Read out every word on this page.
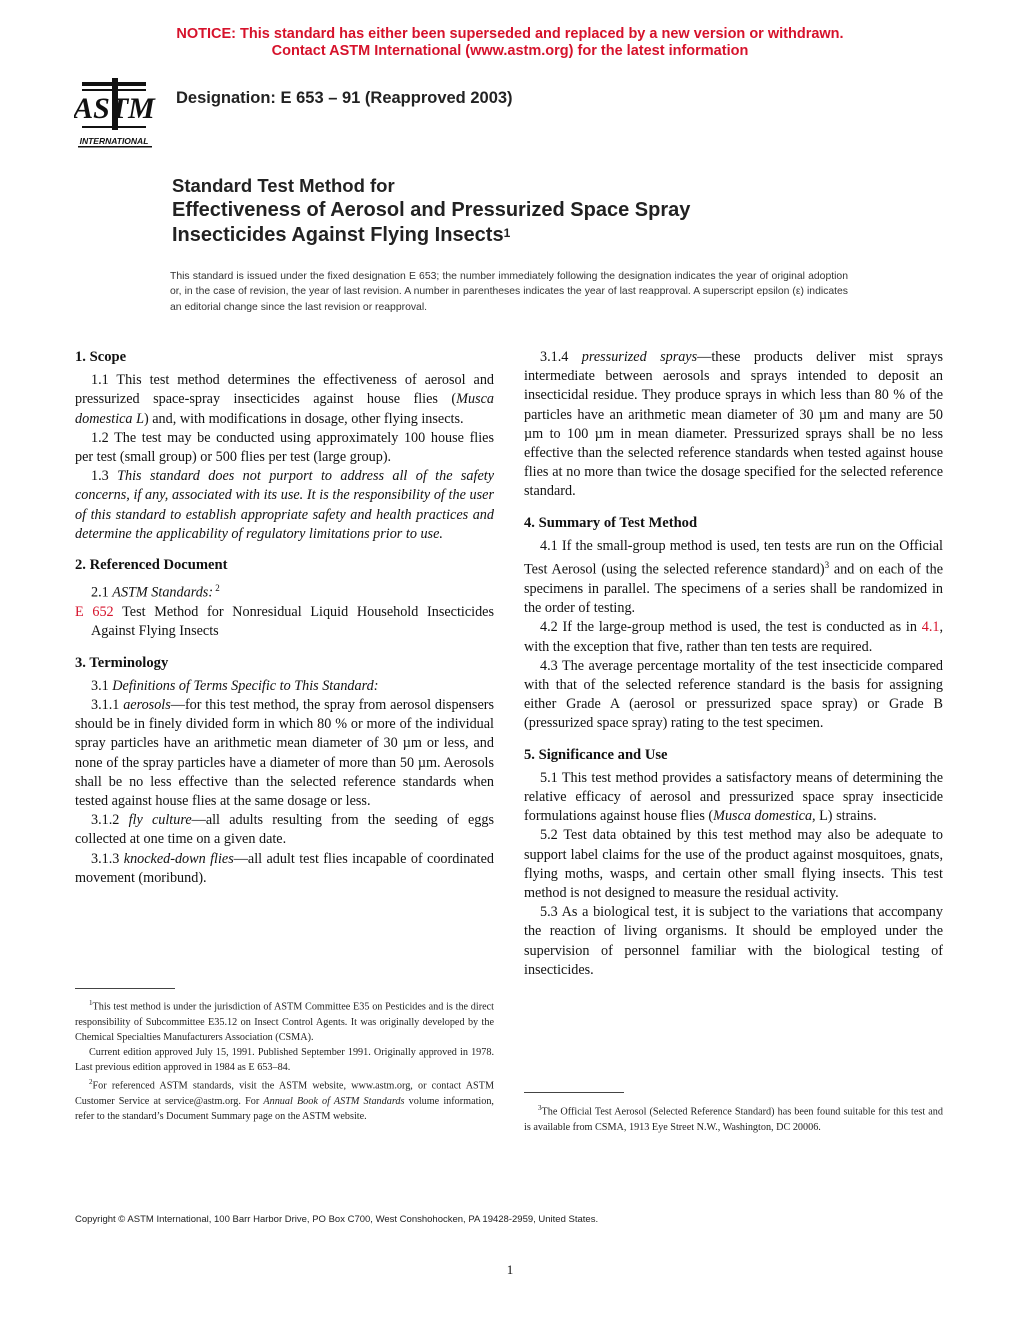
NOTICE: This standard has either been superseded and replaced by a new version or withdrawn.
Contact ASTM International (www.astm.org) for the latest information
ASTM
INTERNATIONAL
Designation: E 653 – 91 (Reapproved 2003)
Standard Test Method for
Effectiveness of Aerosol and Pressurized Space Spray
Insecticides Against Flying Insects$^1$
This standard is issued under the fixed designation E 653; the number immediately following the designation indicates the year of original adoption or, in the case of revision, the year of last revision. A number in parentheses indicates the year of last reapproval. A superscript epsilon (ε) indicates an editorial change since the last revision or reapproval.
1. Scope

1.1 This test method determines the effectiveness of aerosol and pressurized space-spray insecticides against house flies (Musca domestica L) and, with modifications in dosage, other flying insects.

1.2 The test may be conducted using approximately 100 house flies per test (small group) or 500 flies per test (large group).

1.3 This standard does not purport to address all of the safety concerns, if any, associated with its use. It is the responsibility of the user of this standard to establish appropriate safety and health practices and determine the applicability of regulatory limitations prior to use.

2. Referenced Document

2.1 ASTM Standards: $^2$

E 652 Test Method for Nonresidual Liquid Household Insecticides Against Flying Insects

3. Terminology

3.1 Definitions of Terms Specific to This Standard:

3.1.1 aerosols—for this test method, the spray from aerosol dispensers should be in finely divided form in which 80 % or more of the individual spray particles have an arithmetic mean diameter of 30 µm or less, and none of the spray particles have a diameter of more than 50 µm. Aerosols shall be no less effective than the selected reference standards when tested against house flies at the same dosage or less.

3.1.2 fly culture—all adults resulting from the seeding of eggs collected at one time on a given date.

3.1.3 knocked-down flies—all adult test flies incapable of coordinated movement (moribund).

3.1.4 pressurized sprays—these products deliver mist sprays intermediate between aerosols and sprays intended to deposit an insecticidal residue. They produce sprays in which less than 80 % of the particles have an arithmetic mean diameter of 30 µm and many are 50 µm to 100 µm in mean diameter. Pressurized sprays shall be no less effective than the selected reference standards when tested against house flies at no more than twice the dosage specified for the selected reference standard.

4. Summary of Test Method

4.1 If the small-group method is used, ten tests are run on the Official Test Aerosol (using the selected reference standard)$^3$ and on each of the specimens in parallel. The specimens of a series shall be randomized in the order of testing.

4.2 If the large-group method is used, the test is conducted as in 4.1, with the exception that five, rather than ten tests are required.

4.3 The average percentage mortality of the test insecticide compared with that of the selected reference standard is the basis for assigning either Grade A (aerosol or pressurized space spray) or Grade B (pressurized space spray) rating to the test specimen.

5. Significance and Use

5.1 This test method provides a satisfactory means of determining the relative efficacy of aerosol and pressurized space spray insecticide formulations against house flies (Musca domestica, L) strains.

5.2 Test data obtained by this test method may also be adequate to support label claims for the use of the product against mosquitoes, gnats, flying moths, wasps, and certain other small flying insects. This test method is not designed to measure the residual activity.

5.3 As a biological test, it is subject to the variations that accompany the reaction of living organisms. It should be employed under the supervision of personnel familiar with the biological testing of insecticides.

$^1$This test method is under the jurisdiction of ASTM Committee E35 on Pesticides and is the direct responsibility of Subcommittee E35.12 on Insect Control Agents. It was originally developed by the Chemical Specialties Manufacturers Association (CSMA).

Current edition approved July 15, 1991. Published September 1991. Originally approved in 1978. Last previous edition approved in 1984 as E 653–84.

$^2$For referenced ASTM standards, visit the ASTM website, www.astm.org, or contact ASTM Customer Service at service@astm.org. For Annual Book of ASTM Standards volume information, refer to the standard’s Document Summary page on the ASTM website.

$^3$The Official Test Aerosol (Selected Reference Standard) has been found suitable for this test and is available from CSMA, 1913 Eye Street N.W., Washington, DC 20006.

Copyright © ASTM International, 100 Barr Harbor Drive, PO Box C700, West Conshohocken, PA 19428-2959, United States.
1
